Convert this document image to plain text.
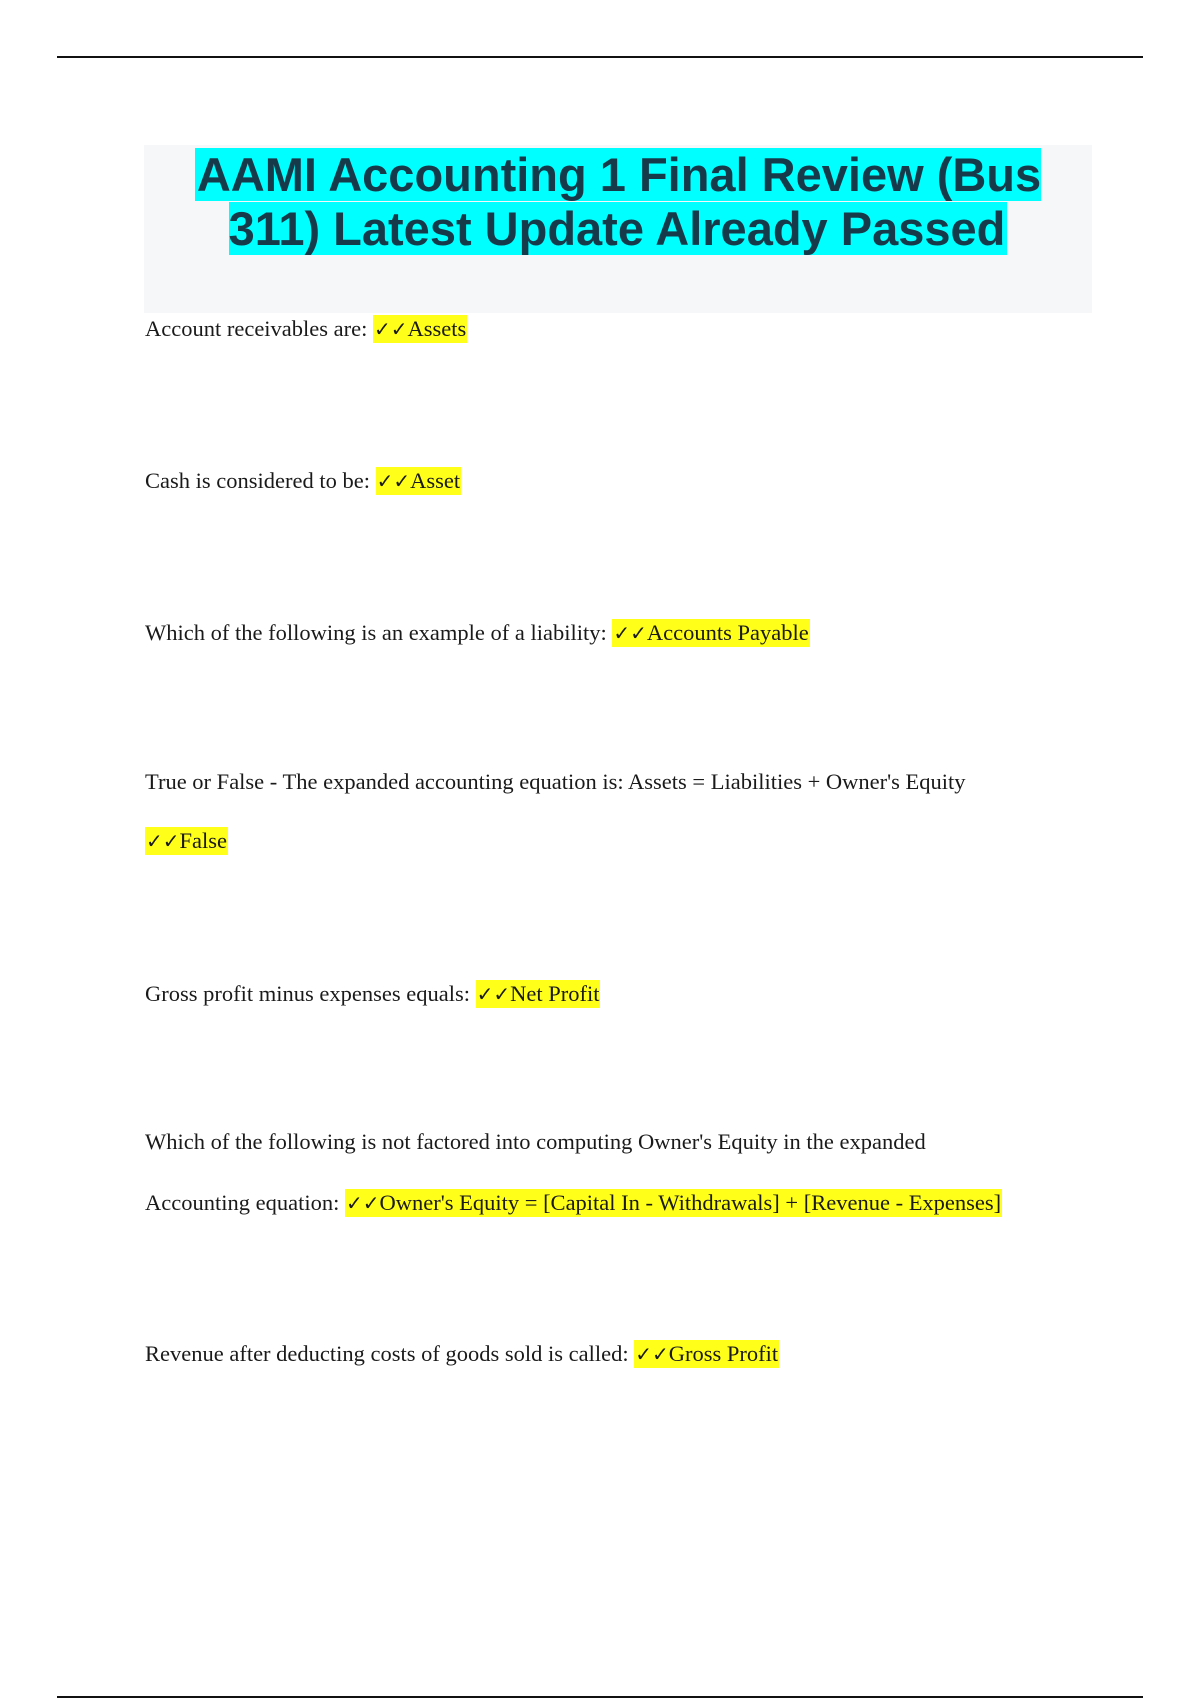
AAMI Accounting 1 Final Review (Bus 311) Latest Update Already Passed

Account receivables are: ✓✓Assets

Cash is considered to be: ✓✓Asset

Which of the following is an example of a liability: ✓✓Accounts Payable

True or False - The expanded accounting equation is: Assets = Liabilities + Owner's Equity

✓✓False

Gross profit minus expenses equals: ✓✓Net Profit

Which of the following is not factored into computing Owner's Equity in the expanded

Accounting equation: ✓✓Owner's Equity = [Capital In - Withdrawals] + [Revenue - Expenses]

Revenue after deducting costs of goods sold is called: ✓✓Gross Profit
